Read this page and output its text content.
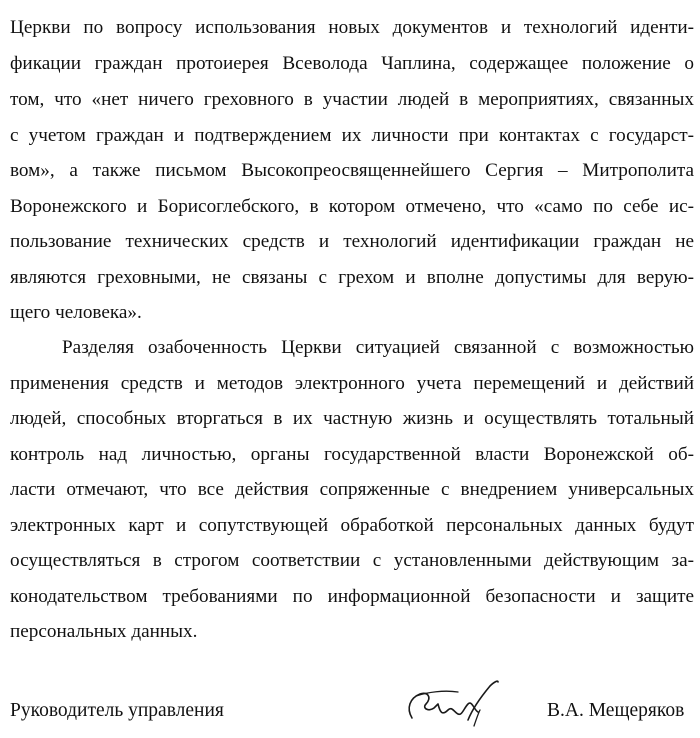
Церкви по вопросу использования новых документов и технологий иденти-
фикации граждан протоиерея Всеволода Чаплина, содержащее положение о
том, что «нет ничего греховного в участии людей в мероприятиях, связанных
с учетом граждан и подтверждением их личности при контактах с государст-
вом», а также письмом Высокопреосвященнейшего Сергия – Митрополита
Воронежского и Борисоглебского, в котором отмечено, что «само по себе ис-
пользование технических средств и технологий идентификации граждан не
являются греховными, не связаны с грехом и вполне допустимы для верую-
щего человека».
Разделяя озабоченность Церкви ситуацией связанной с возможностью
применения средств и методов электронного учета перемещений и действий
людей, способных вторгаться в их частную жизнь и осуществлять тотальный
контроль над личностью, органы государственной власти Воронежской об-
ласти отмечают, что все действия сопряженные с внедрением универсальных
электронных карт и сопутствующей обработкой персональных данных будут
осуществляться в строгом соответствии с установленными действующим за-
конодательством требованиями по информационной безопасности и защите
персональных данных.
Руководитель управления	В.А. Мещеряков
